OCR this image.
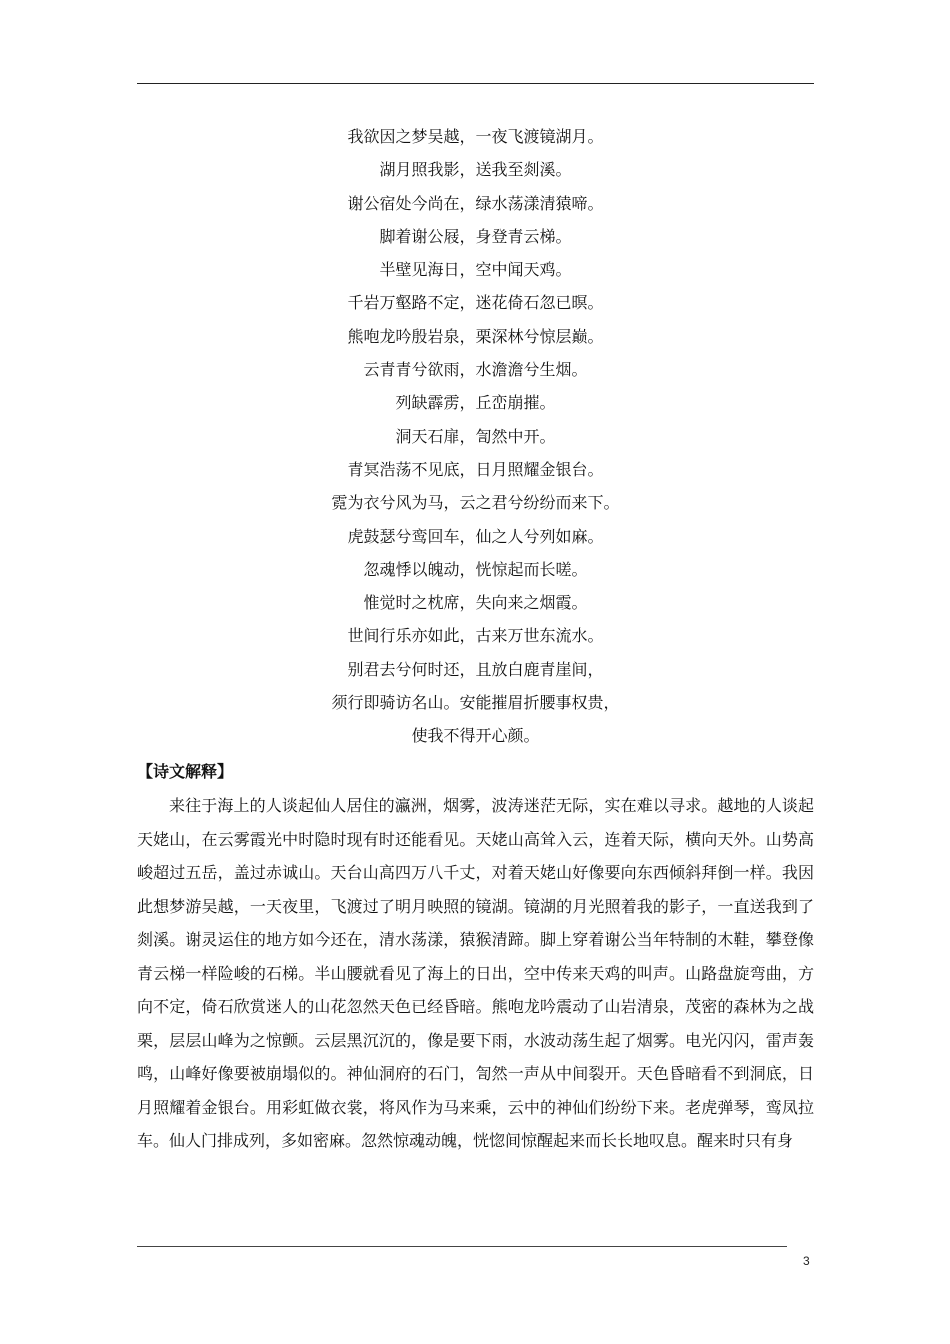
我欲因之梦吴越，一夜飞渡镜湖月。
湖月照我影，送我至剡溪。
谢公宿处今尚在，绿水荡漾清猿啼。
脚着谢公屐，身登青云梯。
半壁见海日，空中闻天鸡。
千岩万壑路不定，迷花倚石忽已暝。
熊咆龙吟殷岩泉，栗深林兮惊层巅。
云青青兮欲雨，水澹澹兮生烟。
列缺霹雳，丘峦崩摧。
洞天石扉，訇然中开。
青冥浩荡不见底，日月照耀金银台。
霓为衣兮风为马，云之君兮纷纷而来下。
虎鼓瑟兮鸾回车，仙之人兮列如麻。
忽魂悸以魄动，恍惊起而长嗟。
惟觉时之枕席，失向来之烟霞。
世间行乐亦如此，古来万世东流水。
别君去兮何时还，且放白鹿青崖间，
须行即骑访名山。安能摧眉折腰事权贵，
使我不得开心颜。
【诗文解释】

来往于海上的人谈起仙人居住的瀛洲，烟雾，波涛迷茫无际，实在难以寻求。越地的人谈起天姥山，在云雾霞光中时隐时现有时还能看见。天姥山高耸入云，连着天际，横向天外。山势高峻超过五岳，盖过赤诚山。天台山高四万八千丈，对着天姥山好像要向东西倾斜拜倒一样。我因此想梦游吴越，一天夜里，飞渡过了明月映照的镜湖。镜湖的月光照着我的影子，一直送我到了剡溪。谢灵运住的地方如今还在，清水荡漾，猿猴清蹄。脚上穿着谢公当年特制的木鞋，攀登像青云梯一样险峻的石梯。半山腰就看见了海上的日出，空中传来天鸡的叫声。山路盘旋弯曲，方向不定，倚石欣赏迷人的山花忽然天色已经昏暗。熊咆龙吟震动了山岩清泉，茂密的森林为之战栗，层层山峰为之惊颤。云层黑沉沉的，像是要下雨，水波动荡生起了烟雾。电光闪闪，雷声轰鸣，山峰好像要被崩塌似的。神仙洞府的石门，訇然一声从中间裂开。天色昏暗看不到洞底，日月照耀着金银台。用彩虹做衣裳，将风作为马来乘，云中的神仙们纷纷下来。老虎弹琴，鸾凤拉车。仙人门排成列，多如密麻。忽然惊魂动魄，恍惚间惊醒起来而长长地叹息。醒来时只有身

3
